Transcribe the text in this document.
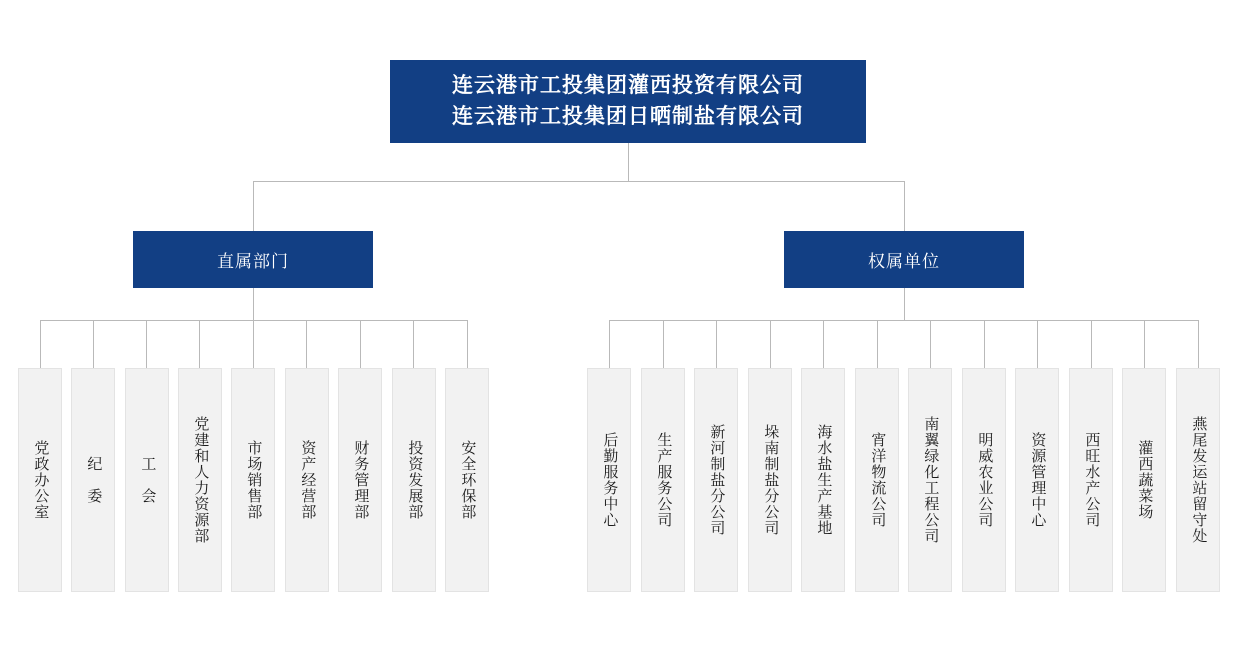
连云港市工投集团灌西投资有限公司
连云港市工投集团日晒制盐有限公司
直属部门	权属单位
党政办公室 纪　委 工　会 党建和人力资源部 市场销售部 资产经营部 财务管理部 投资发展部 安全环保部	后勤服务中心 生产服务公司 新河制盐分公司 垛南制盐分公司 海水盐生产基地 宵洋物流公司 南翼绿化工程公司 明威农业公司 资源管理中心 西旺水产公司 灌西蔬菜场 燕尾发运站留守处
